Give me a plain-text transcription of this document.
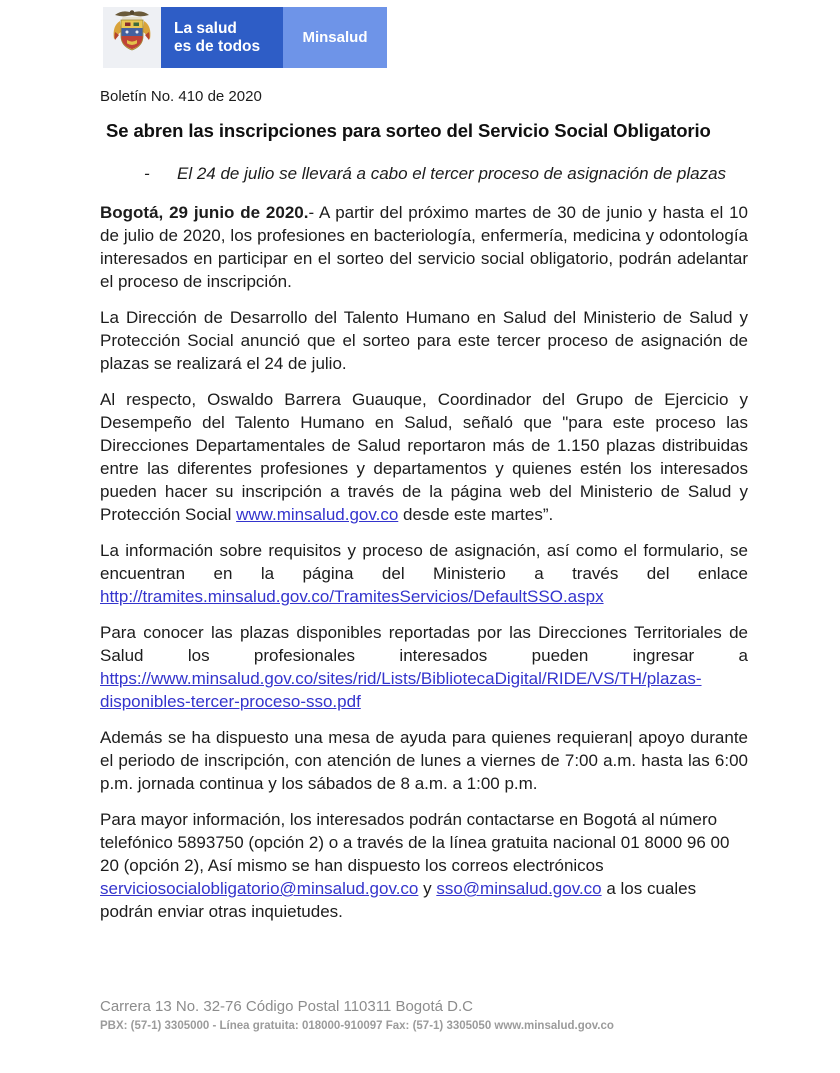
La salud
es de todos	Minsalud
Boletín No. 410 de 2020
Se abren las inscripciones para sorteo del Servicio Social Obligatorio
-	El 24 de julio se llevará a cabo el tercer proceso de asignación de plazas

Bogotá, 29 junio de 2020.- A partir del próximo martes de 30 de junio y hasta el 10 de julio de 2020, los profesiones en bacteriología, enfermería, medicina y odontología interesados en participar en el sorteo del servicio social obligatorio, podrán adelantar el proceso de inscripción.

La Dirección de Desarrollo del Talento Humano en Salud del Ministerio de Salud y Protección Social anunció que el sorteo para este tercer proceso de asignación de plazas se realizará el 24 de julio.

Al respecto, Oswaldo Barrera Guauque, Coordinador del Grupo de Ejercicio y Desempeño del Talento Humano en Salud, señaló que "para este proceso las Direcciones Departamentales de Salud reportaron más de 1.150 plazas distribuidas entre las diferentes profesiones y departamentos y quienes estén los interesados pueden hacer su inscripción a través de la página web del Ministerio de Salud y Protección Social www.minsalud.gov.co desde este martes”.

La información sobre requisitos y proceso de asignación, así como el formulario, se encuentran en la página del Ministerio a través del enlace http://tramites.minsalud.gov.co/TramitesServicios/DefaultSSO.aspx

Para conocer las plazas disponibles reportadas por las Direcciones Territoriales de Salud los profesionales interesados pueden ingresar a https://www.minsalud.gov.co/sites/rid/Lists/BibliotecaDigital/RIDE/VS/TH/plazas-disponibles-tercer-proceso-sso.pdf

Además se ha dispuesto una mesa de ayuda para quienes requieran| apoyo durante el periodo de inscripción, con atención de lunes a viernes de 7:00 a.m. hasta las 6:00 p.m. jornada continua y los sábados de 8 a.m. a 1:00 p.m.

Para mayor información, los interesados podrán contactarse en Bogotá al número telefónico 5893750 (opción 2) o a través de la línea gratuita nacional 01 8000 96 00 20 (opción 2), Así mismo se han dispuesto los correos electrónicos serviciosocialobligatorio@minsalud.gov.co y sso@minsalud.gov.co a los cuales podrán enviar otras inquietudes.

Carrera 13 No. 32-76 Código Postal 110311 Bogotá D.C
PBX: (57-1) 3305000 - Línea gratuita: 018000-910097 Fax: (57-1) 3305050 www.minsalud.gov.co
